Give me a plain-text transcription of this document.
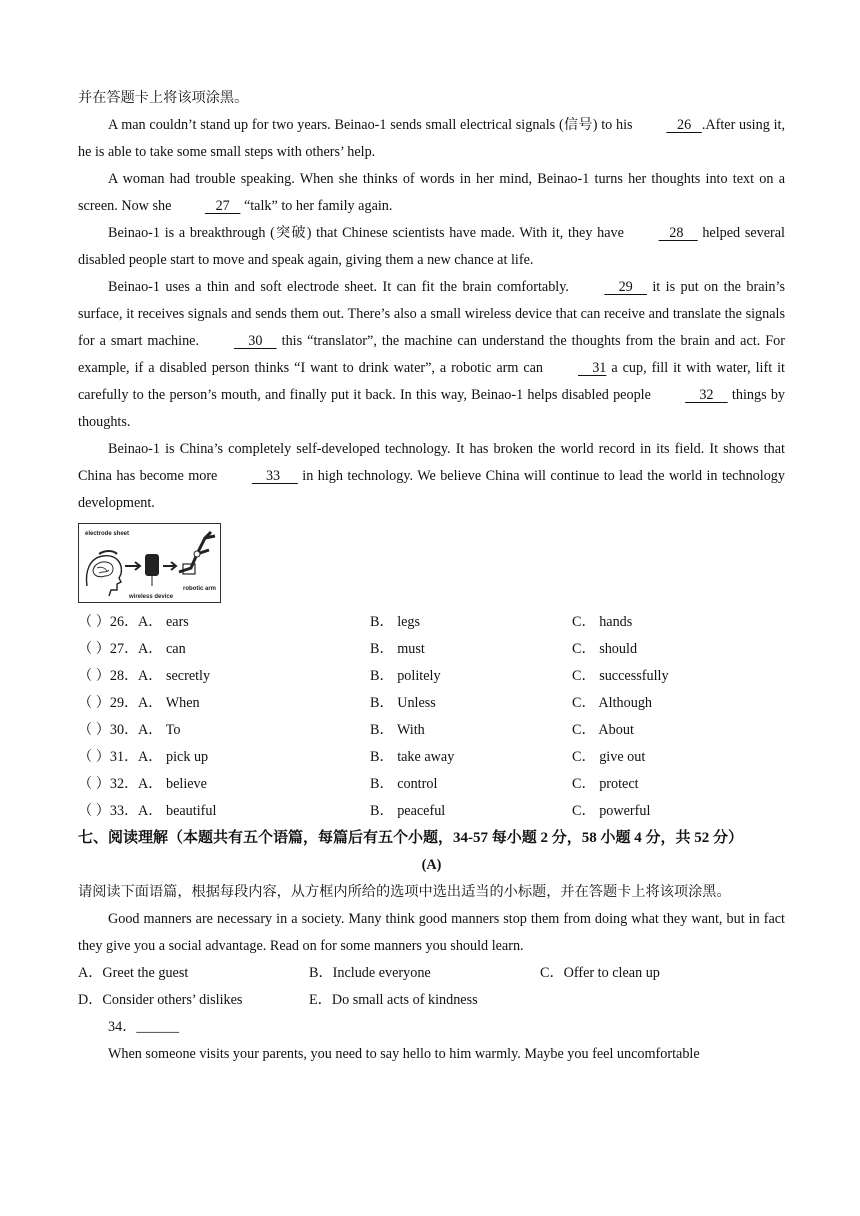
并在答题卡上将该项涂黑。
A man couldn’t stand up for two years. Beinao-1 sends small electrical signals (信号) to his    26   .After using it, he is able to take some small steps with others’ help.
A woman had trouble speaking. When she thinks of words in her mind, Beinao-1 turns her thoughts into text on a screen. Now she    27    “talk” to her family again.
Beinao-1 is a breakthrough (突破) that Chinese scientists have made. With it, they have    28     helped several disabled people start to move and speak again, giving them a new chance at life.
Beinao-1 uses a thin and soft electrode sheet. It can fit the brain comfortably.     29     it is put on the brain’s surface, it receives signals and sends them out. There’s also a small wireless device that can receive and translate the signals for a smart machine.     30     this “translator”, the machine can understand the thoughts from the brain and act. For example, if a disabled person thinks “I want to drink water”, a robotic arm can     31 a cup, fill it with water, lift it carefully to the person’s mouth, and finally put it back. In this way, Beinao-1 helps disabled people     32     things by thoughts.
Beinao-1 is China’s completely self-developed technology. It has broken the world record in its field. It shows that China has become more     33      in high technology. We believe China will continue to lead the world in technology development.
electrode sheet
wireless device
robotic arm
（ ）26． A． ears	B． legs	C． hands
（ ）27． A． can	B． must	C． should
（ ）28． A． secretly	B． politely	C． successfully
（ ）29． A． When	B． Unless	C． Although
（ ）30． A． To	B． With	C． About
（ ）31． A． pick up	B． take away	C． give out
（ ）32． A． believe	B． control	C． protect
（ ）33． A． beautiful	B． peaceful	C． powerful
七、阅读理解（本题共有五个语篇，每篇后有五个小题，34-57 每小题 2 分，58 小题 4 分，共 52 分）
(A)
请阅读下面语篇，根据每段内容，从方框内所给的选项中选出适当的小标题，并在答题卡上将该项涂黑。
Good manners are necessary in a society. Many think good manners stop them from doing what they want, but in fact they give you a social advantage. Read on for some manners you should learn.
A．Greet the guest	B．Include everyone	C．Offer to clean up
D．Consider others’ dislikes	E．Do small acts of kindness
34．______
When someone visits your parents, you need to say hello to him warmly. Maybe you feel uncomfortable
